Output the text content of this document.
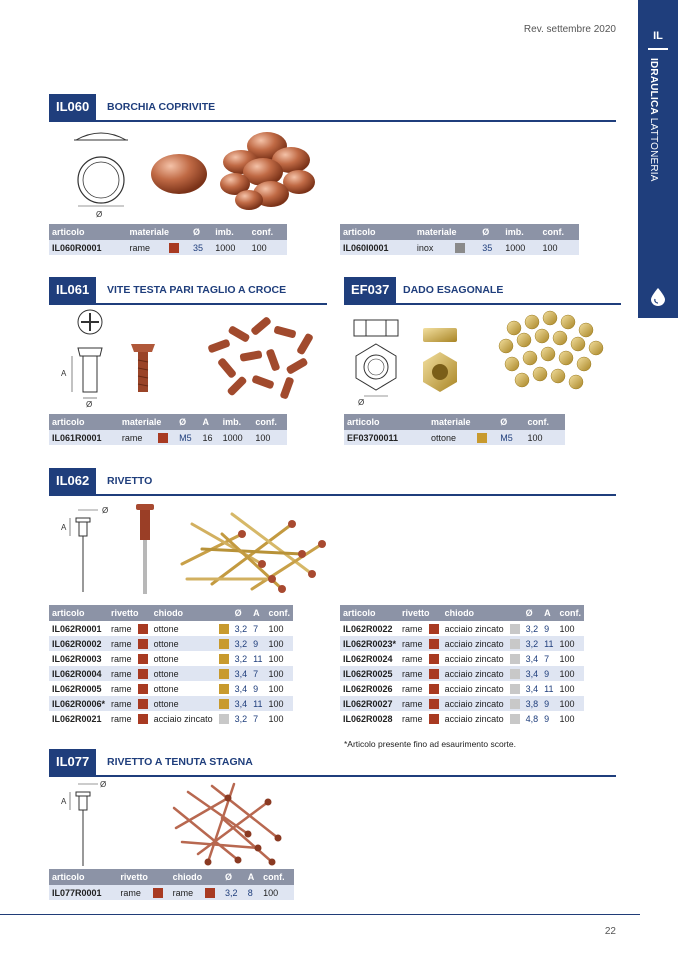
Rev. settembre 2020
22
IL
IDRAULICA LATTONERIA
IL060	BORCHIA COPRIVITE
Ø
articolo	materiale		Ø	imb.	conf.
IL060R0001	rame		35	1000	100
articolo	materiale		Ø	imb.	conf.
IL060I0001	inox		35	1000	100
IL061	VITE TESTA PARI TAGLIO A CROCE
A
Ø
articolo	materiale		Ø	A	imb.	conf.
IL061R0001	rame		M5	16	1000	100
EF037	DADO ESAGONALE
Ø
articolo	materiale		Ø	conf.
EF03700011	ottone		M5	100
IL062	RIVETTO
Ø
A
articolo	rivetto		chiodo		Ø	A	conf.
IL062R0001	rame		ottone		3,2	7	100
IL062R0002	rame		ottone		3,2	9	100
IL062R0003	rame		ottone		3,2	11	100
IL062R0004	rame		ottone		3,4	7	100
IL062R0005	rame		ottone		3,4	9	100
IL062R0006*	rame		ottone		3,4	11	100
IL062R0021	rame		acciaio zincato		3,2	7	100
articolo	rivetto		chiodo		Ø	A	conf.
IL062R0022	rame		acciaio zincato		3,2	9	100
IL062R0023*	rame		acciaio zincato		3,2	11	100
IL062R0024	rame		acciaio zincato		3,4	7	100
IL062R0025	rame		acciaio zincato		3,4	9	100
IL062R0026	rame		acciaio zincato		3,4	11	100
IL062R0027	rame		acciaio zincato		3,8	9	100
IL062R0028	rame		acciaio zincato		4,8	9	100
*Articolo presente fino ad esaurimento scorte.
IL077	RIVETTO A TENUTA STAGNA
Ø
A
articolo	rivetto		chiodo		Ø	A	conf.
IL077R0001	rame		rame		3,2	8	100
